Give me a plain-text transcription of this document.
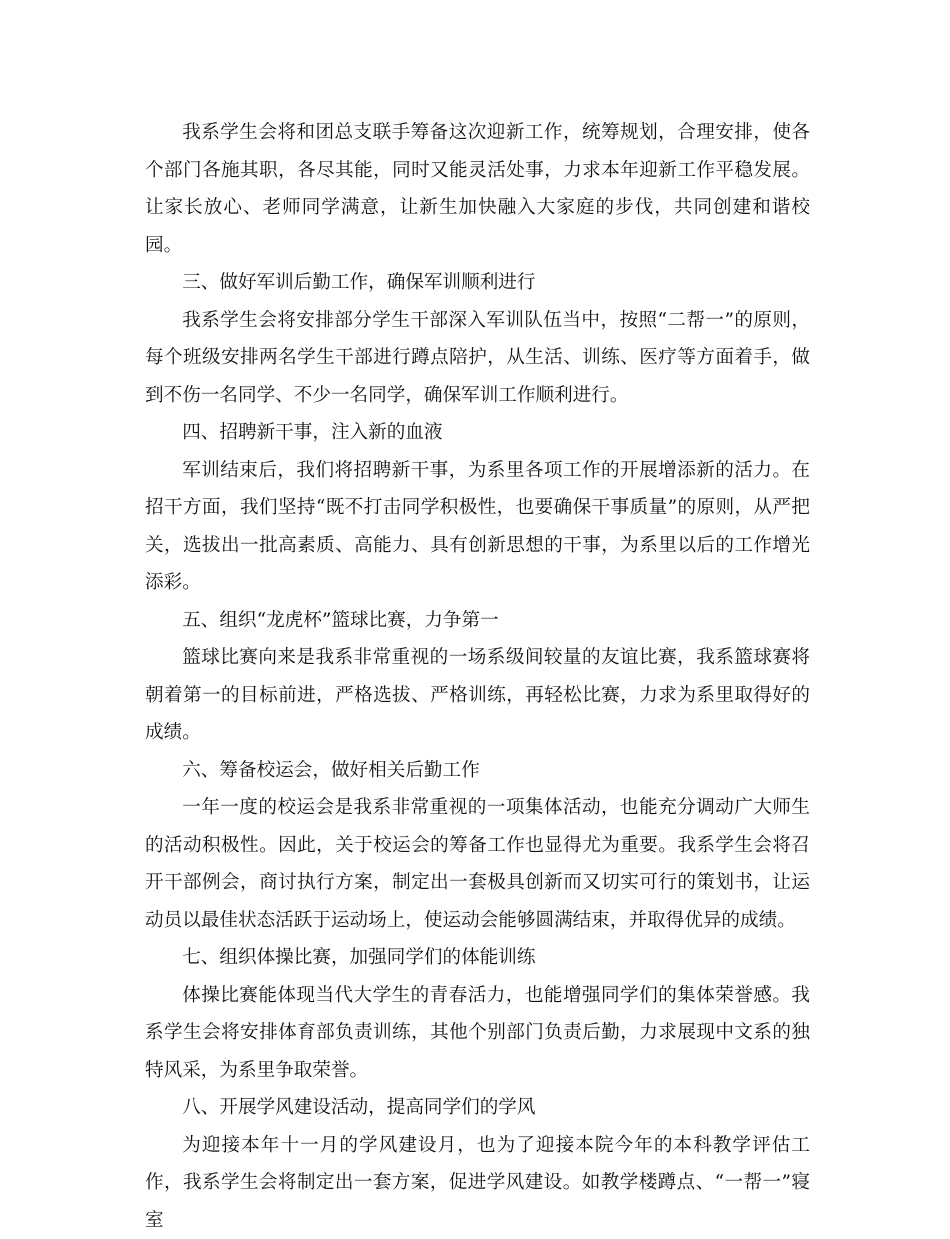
我系学生会将和团总支联手筹备这次迎新工作，统筹规划，合理安排，使各个部门各施其职，各尽其能，同时又能灵活处事，力求本年迎新工作平稳发展。让家长放心、老师同学满意，让新生加快融入大家庭的步伐，共同创建和谐校园。

三、做好军训后勤工作，确保军训顺利进行

我系学生会将安排部分学生干部深入军训队伍当中，按照“二帮一”的原则，每个班级安排两名学生干部进行蹲点陪护，从生活、训练、医疗等方面着手，做到不伤一名同学、不少一名同学，确保军训工作顺利进行。

四、招聘新干事，注入新的血液

军训结束后，我们将招聘新干事，为系里各项工作的开展增添新的活力。在招干方面，我们坚持“既不打击同学积极性，也要确保干事质量”的原则，从严把关，选拔出一批高素质、高能力、具有创新思想的干事，为系里以后的工作增光添彩。

五、组织“龙虎杯”篮球比赛，力争第一

篮球比赛向来是我系非常重视的一场系级间较量的友谊比赛，我系篮球赛将朝着第一的目标前进，严格选拔、严格训练，再轻松比赛，力求为系里取得好的成绩。

六、筹备校运会，做好相关后勤工作

一年一度的校运会是我系非常重视的一项集体活动，也能充分调动广大师生的活动积极性。因此，关于校运会的筹备工作也显得尤为重要。我系学生会将召开干部例会，商讨执行方案，制定出一套极具创新而又切实可行的策划书，让运动员以最佳状态活跃于运动场上，使运动会能够圆满结束，并取得优异的成绩。

七、组织体操比赛，加强同学们的体能训练

体操比赛能体现当代大学生的青春活力，也能增强同学们的集体荣誉感。我系学生会将安排体育部负责训练，其他个别部门负责后勤，力求展现中文系的独特风采，为系里争取荣誉。

八、开展学风建设活动，提高同学们的学风

为迎接本年十一月的学风建设月，也为了迎接本院今年的本科教学评估工作，我系学生会将制定出一套方案，促进学风建设。如教学楼蹲点、“一帮一”寝室
